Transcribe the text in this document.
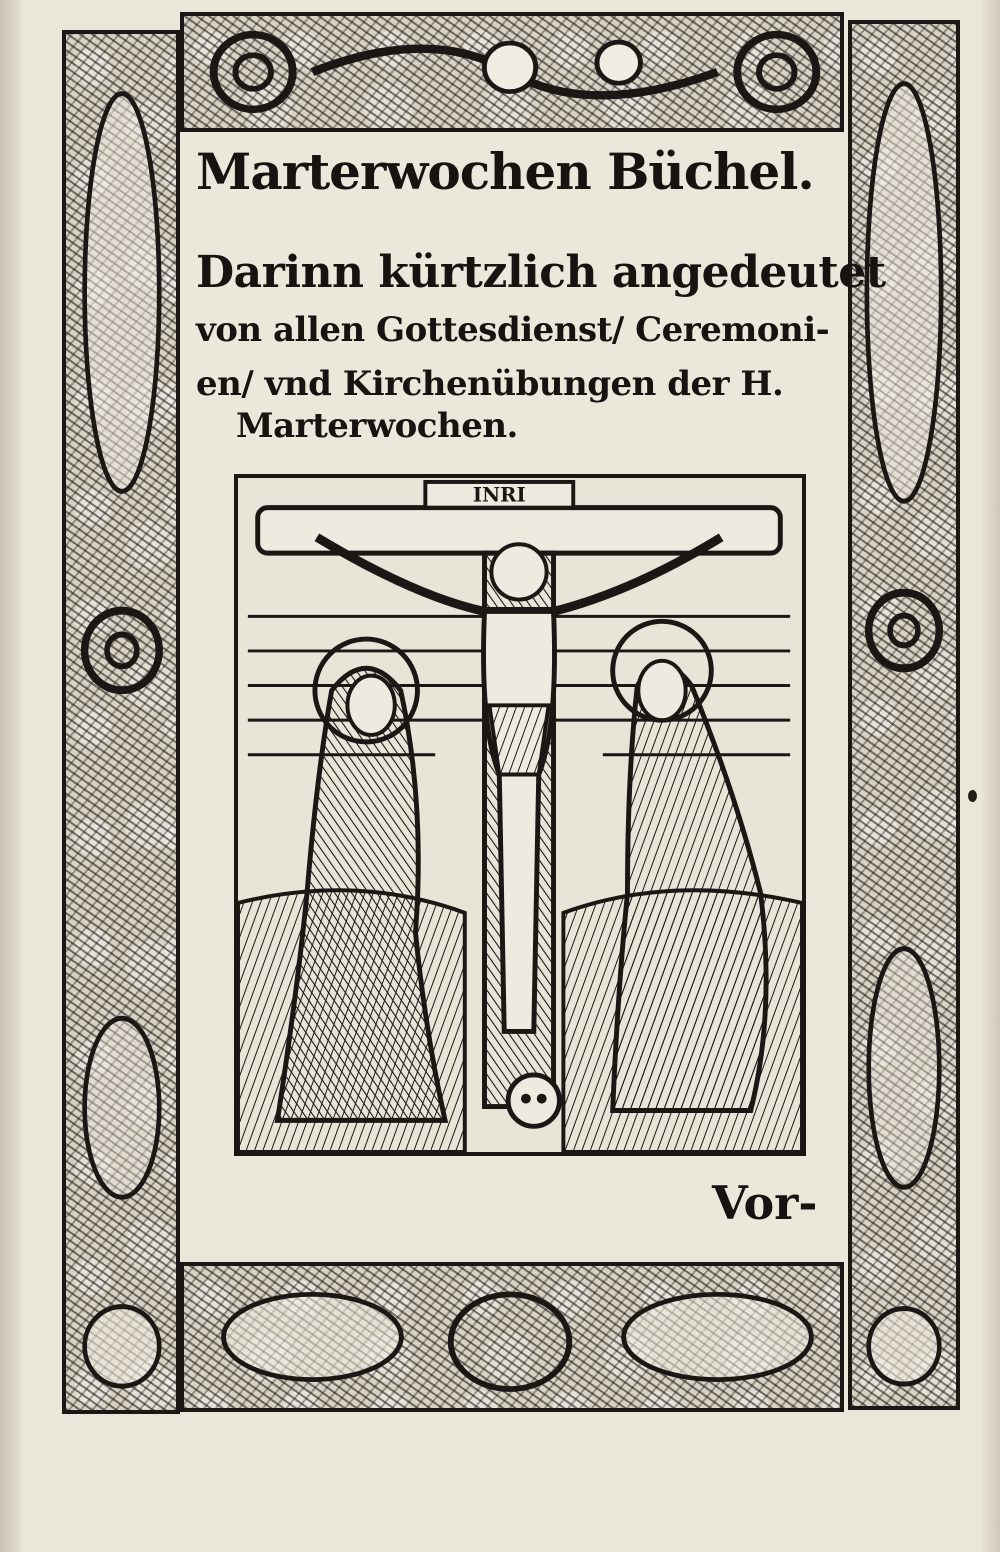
Marterwochen Büchel.
Darinn kürtzlich angedeutet
von allen Gottesdienst/ Ceremoni-
en/ vnd Kirchenübungen der H.
Marterwochen.
INRI
Vor-
